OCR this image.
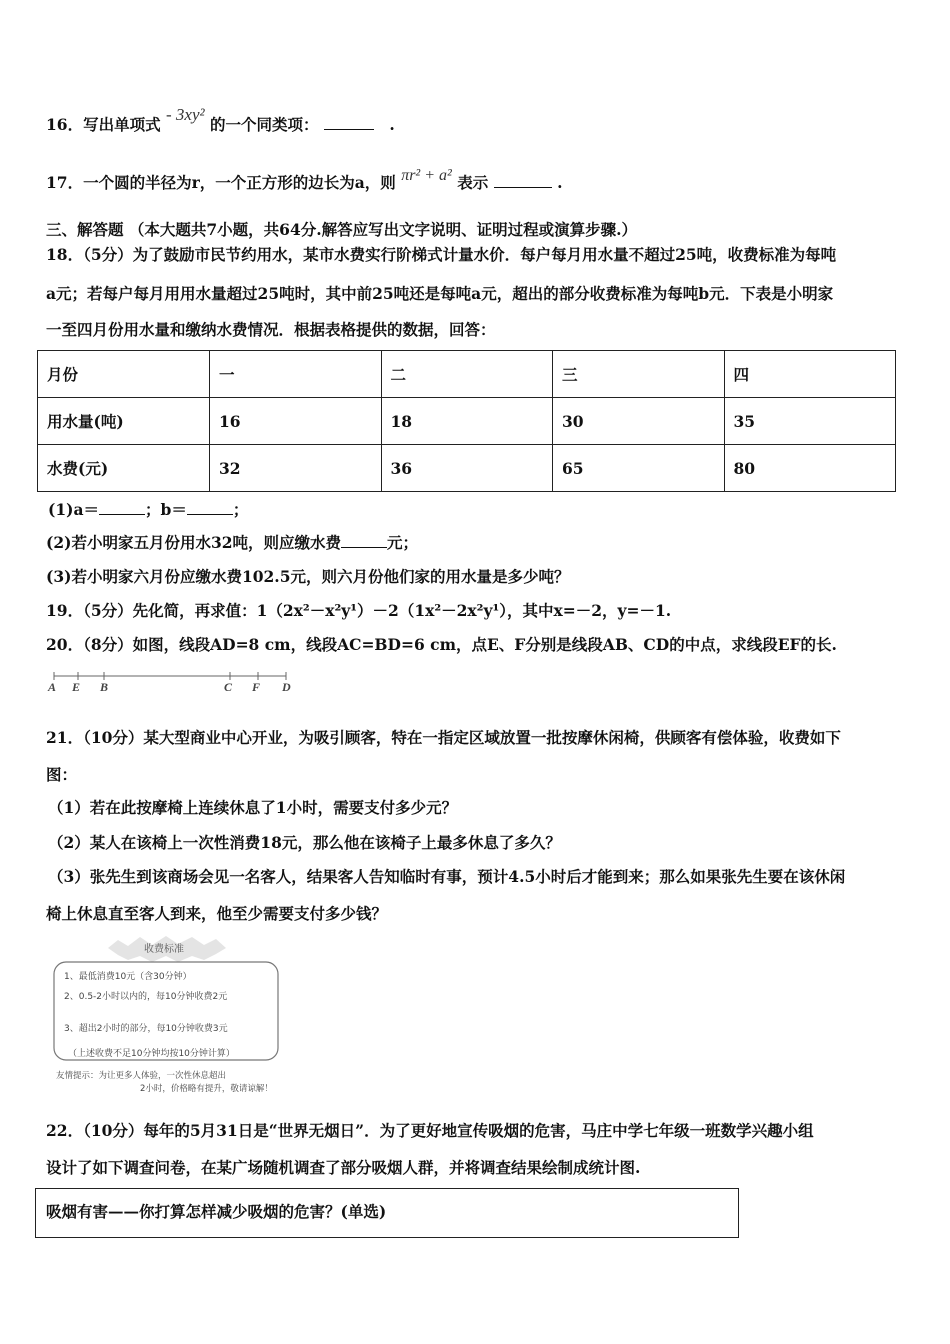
16．写出单项式 - 3xy² 的一个同类项：	.
17．一个圆的半径为r，一个正方形的边长为a，则 πr² + a² 表示	.
三、解答题 （本大题共7小题，共64分.解答应写出文字说明、证明过程或演算步骤.）
18．（5分）为了鼓励市民节约用水，某市水费实行阶梯式计量水价．每户每月用水量不超过25吨，收费标准为每吨
a元；若每户每月用用水量超过25吨时，其中前25吨还是每吨a元，超出的部分收费标准为每吨b元．下表是小明家
一至四月份用水量和缴纳水费情况．根据表格提供的数据，回答：
月份	一	二	三	四
用水量(吨)	16	18	30	35
水费(元)	32	36	65	80
(1)a＝	；b＝	；
(2)若小明家五月份用水32吨，则应缴水费	元；
(3)若小明家六月份应缴水费102.5元，则六月份他们家的用水量是多少吨？
19．（5分）先化简，再求值：1（2x²－x²y¹）－2（1x²－2x²y¹），其中x=－2，y=－1.
20．（8分）如图，线段AD=8 cm，线段AC=BD=6 cm，点E、F分别是线段AB、CD的中点，求线段EF的长.
A E B	C F D
21．（10分）某大型商业中心开业，为吸引顾客，特在一指定区域放置一批按摩休闲椅，供顾客有偿体验，收费如下
图：
（1）若在此按摩椅上连续休息了1小时，需要支付多少元？
（2）某人在该椅上一次性消费18元，那么他在该椅子上最多休息了多久？
（3）张先生到该商场会见一名客人，结果客人告知临时有事，预计4.5小时后才能到来；那么如果张先生要在该休闲
椅上休息直至客人到来，他至少需要支付多少钱？
收费标准
1、最低消费10元（含30分钟）
2、0.5-2小时以内的，每10分钟收费2元
3、超出2小时的部分，每10分钟收费3元
（上述收费不足10分钟均按10分钟计算）
友情提示：为让更多人体验，一次性休息超出
2小时，价格略有提升，敬请谅解！
22．（10分）每年的5月31日是“世界无烟日”．为了更好地宣传吸烟的危害，马庄中学七年级一班数学兴趣小组
设计了如下调查问卷，在某广场随机调查了部分吸烟人群，并将调查结果绘制成统计图.
吸烟有害——你打算怎样减少吸烟的危害？(单选)
